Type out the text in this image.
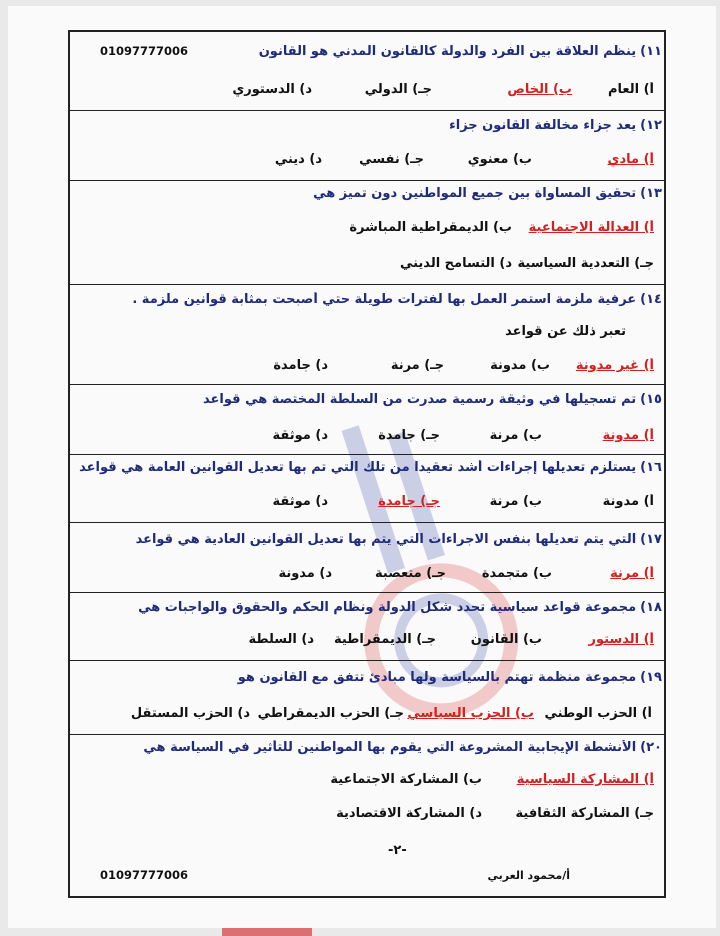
01097777006	١١)ينظم العلاقة بين الفرد والدولة كالقانون المدني هو القانون
أ) العام
ب) الخاص
جـ) الدولي
د) الدستوري
١٢)يعد جزاء مخالفة القانون جزاء
أ) مادي
ب) معنوي
جـ) نفسي
د) ديني
١٣)تحقيق المساواة بين جميع المواطنين دون تميز هي
أ) العدالة الاجتماعية
ب) الديمقراطية المباشرة
جـ) التعددية السياسية
د) التسامح الديني
١٤)عرفية ملزمة استمر العمل بها لفترات طويلة حتي أصبحت بمثابة قوانين ملزمة .
تعبر ذلك عن قواعد
أ) غير مدونة
ب) مدونة
جـ) مرنة
د) جامدة
١٥)تم تسجيلها في وثيقة رسمية صدرت من السلطة المختصة هي قواعد
أ) مدونة
ب) مرنة
جـ) جامدة
د) موثقة
١٦)يستلزم تعديلها إجراءات أشد تعقيداً من تلك التي تم بها تعديل القوانين العامة هي قواعد
أ) مدونة
ب) مرنة
جـ) جامدة
د) موثقة
١٧)التي يتم تعديلها بنفس الاجراءات التي يتم بها تعديل القوانين العادية هي قواعد
أ) مرنة
ب) متجمدة
جـ) متعصبة
د) مدونة
١٨)مجموعة قواعد سياسية تحدد شكل الدولة ونظام الحكم والحقوق والواجبات هي
أ) الدستور
ب) القانون
جـ) الديمقراطية
د) السلطة
١٩)مجموعة منظمة تهتم بالسياسة ولها مبادئ تتفق مع القانون هو
أ) الحزب الوطني
ب) الحزب السياسي
جـ) الحزب الديمقراطي
د) الحزب المستقل
٢٠)الأنشطة الإيجابية المشروعة التي يقوم بها المواطنين للتأثير في السياسة هي
أ) المشاركة السياسية
ب) المشاركة الاجتماعية
جـ) المشاركة الثقافية
د) المشاركة الاقتصادية
-٢-
01097777006	أ/محمود العربي
